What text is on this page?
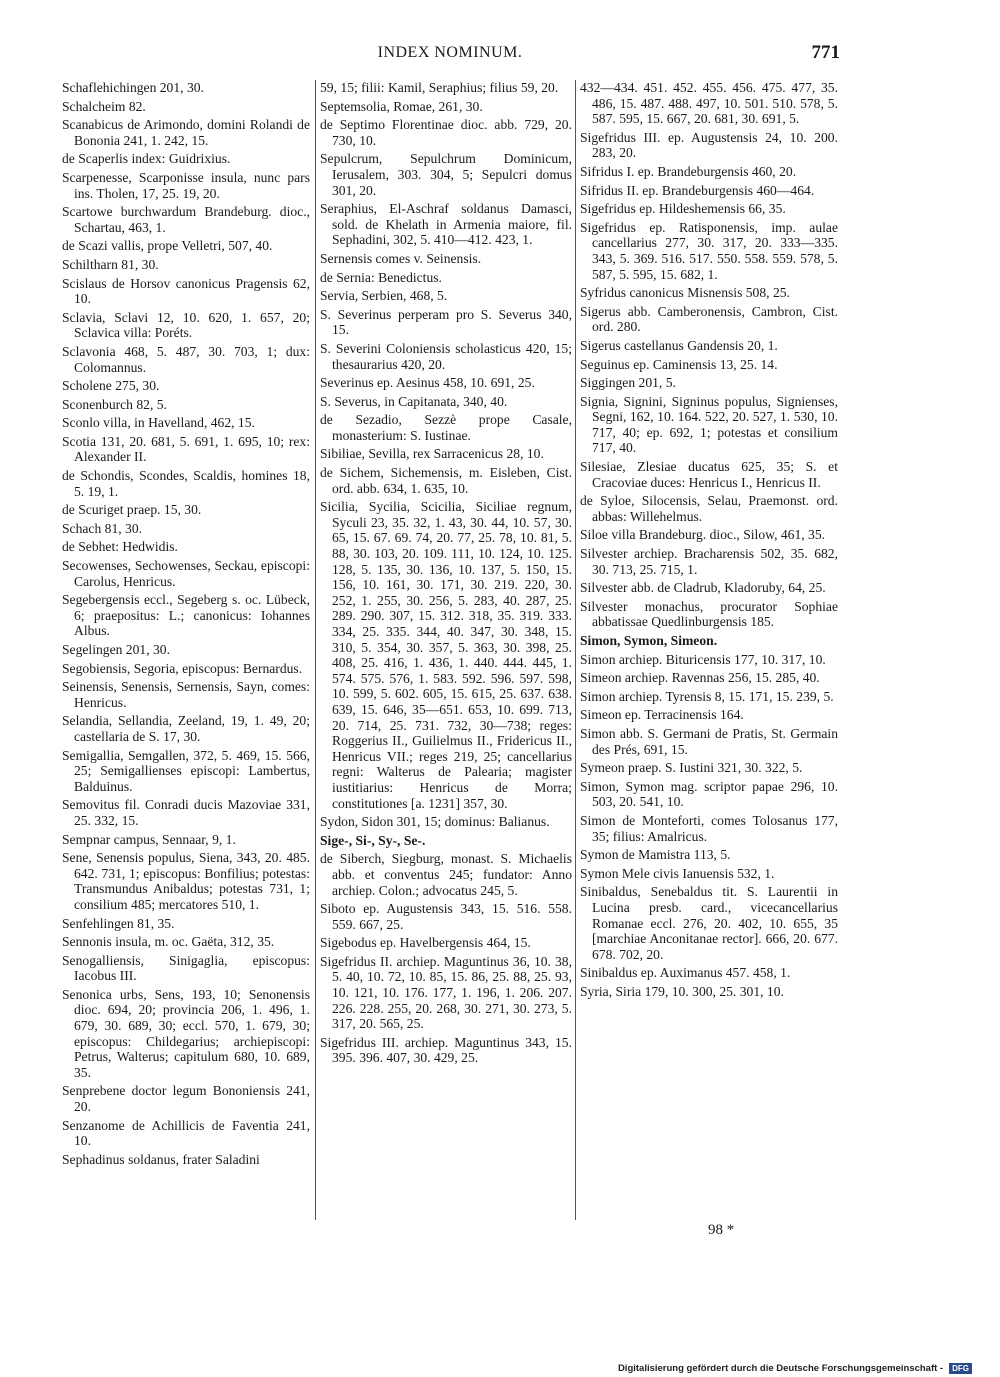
INDEX NOMINUM.	771
Schaflehichingen 201, 30.
Schalcheim 82.
Scanabicus de Arimondo, domini Rolandi de Bononia 241, 1. 242, 15.
de Scaperlis index: Guidrixius.
Scarpenesse, Scarponisse insula, nunc pars ins. Tholen, 17, 25. 19, 20.
Scartowe burchwardum Brandeburg. dioc., Schartau, 463, 1.
de Scazi vallis, prope Velletri, 507, 40.
Schiltharn 81, 30.
Scislaus de Horsov canonicus Pragensis 62, 10.
Sclavia, Sclavi 12, 10. 620, 1. 657, 20; Sclavica villa: Poréts.
Sclavonia 468, 5. 487, 30. 703, 1; dux: Colomannus.
Scholene 275, 30.
Sconenburch 82, 5.
Sconlo villa, in Havelland, 462, 15.
Scotia 131, 20. 681, 5. 691, 1. 695, 10; rex: Alexander II.
de Schondis, Scondes, Scaldis, homines 18, 5. 19, 1.
de Scuriget praep. 15, 30.
Schach 81, 30.
de Sebhet: Hedwidis.
Secowenses, Sechowenses, Seckau, episcopi: Carolus, Henricus.
Segebergensis eccl., Segeberg s. oc. Lübeck, 6; praepositus: L.; canonicus: Iohannes Albus.
Segelingen 201, 30.
Segobiensis, Segoria, episcopus: Bernardus.
Seinensis, Senensis, Sernensis, Sayn, comes: Henricus.
Selandia, Sellandia, Zeeland, 19, 1. 49, 20; castellaria de S. 17, 30.
Semigallia, Semgallen, 372, 5. 469, 15. 566, 25; Semigallienses episcopi: Lambertus, Balduinus.
Semovitus fil. Conradi ducis Mazoviae 331, 25. 332, 15.
Sempnar campus, Sennaar, 9, 1.
Sene, Senensis populus, Siena, 343, 20. 485. 642. 731, 1; episcopus: Bonfilius; potestas: Transmundus Anibaldus; potestas 731, 1; consilium 485; mercatores 510, 1.
Senfehlingen 81, 35.
Sennonis insula, m. oc. Gaëta, 312, 35.
Senogalliensis, Sinigaglia, episcopus: Iacobus III.
Senonica urbs, Sens, 193, 10; Senonensis dioc. 694, 20; provincia 206, 1. 496, 1. 679, 30. 689, 30; eccl. 570, 1. 679, 30; episcopus: Childegarius; archiepiscopi: Petrus, Walterus; capitulum 680, 10. 689, 35.
Senprebene doctor legum Bononiensis 241, 20.
Senzanome de Achillicis de Faventia 241, 10.
Sephadinus soldanus, frater Saladini
59, 15; filii: Kamil, Seraphius; filius 59, 20.
Septemsolia, Romae, 261, 30.
de Septimo Florentinae dioc. abb. 729, 20. 730, 10.
Sepulcrum, Sepulchrum Dominicum, Ierusalem, 303. 304, 5; Sepulcri domus 301, 20.
Seraphius, El-Aschraf soldanus Damasci, sold. de Khelath in Armenia maiore, fil. Sephadini, 302, 5. 410—412. 423, 1.
Sernensis comes v. Seinensis.
de Sernia: Benedictus.
Servia, Serbien, 468, 5.
S. Severinus perperam pro S. Severus 340, 15.
S. Severini Coloniensis scholasticus 420, 15; thesaurarius 420, 20.
Severinus ep. Aesinus 458, 10. 691, 25.
S. Severus, in Capitanata, 340, 40.
de Sezadio, Sezzè prope Casale, monasterium: S. Iustinae.
Sibiliae, Sevilla, rex Sarracenicus 28, 10.
de Sichem, Sichemensis, m. Eisleben, Cist. ord. abb. 634, 1. 635, 10.
Sicilia, Sycilia, Scicilia, Siciliae regnum, Syculi 23, 35. 32, 1. 43, 30. 44, 10. 57, 30. 65, 15. 67. 69. 74, 20. 77, 25. 78, 10. 81, 5. 88, 30. 103, 20. 109. 111, 10. 124, 10. 125. 128, 5. 135, 30. 136, 10. 137, 5. 150, 15. 156, 10. 161, 30. 171, 30. 219. 220, 30. 252, 1. 255, 30. 256, 5. 283, 40. 287, 25. 289. 290. 307, 15. 312. 318, 35. 319. 333. 334, 25. 335. 344, 40. 347, 30. 348, 15. 310, 5. 354, 30. 357, 5. 363, 30. 398, 25. 408, 25. 416, 1. 436, 1. 440. 444. 445, 1. 574. 575. 576, 1. 583. 592. 596. 597. 598, 10. 599, 5. 602. 605, 15. 615, 25. 637. 638. 639, 15. 646, 35—651. 653, 10. 699. 713, 20. 714, 25. 731. 732, 30—738; reges: Roggerius II., Guilielmus II., Fridericus II., Henricus VII.; reges 219, 25; cancellarius regni: Walterus de Palearia; magister iustitiarius: Henricus de Morra; constitutiones [a. 1231] 357, 30.
Sydon, Sidon 301, 15; dominus: Balianus.
Sige-, Si-, Sy-, Se-.
de Siberch, Siegburg, monast. S. Michaelis abb. et conventus 245; fundator: Anno archiep. Colon.; advocatus 245, 5.
Siboto ep. Augustensis 343, 15. 516. 558. 559. 667, 25.
Sigebodus ep. Havelbergensis 464, 15.
Sigefridus II. archiep. Maguntinus 36, 10. 38, 5. 40, 10. 72, 10. 85, 15. 86, 25. 88, 25. 93, 10. 121, 10. 176. 177, 1. 196, 1. 206. 207. 226. 228. 255, 20. 268, 30. 271, 30. 273, 5. 317, 20. 565, 25.
Sigefridus III. archiep. Maguntinus 343, 15. 395. 396. 407, 30. 429, 25.
432—434. 451. 452. 455. 456. 475. 477, 35. 486, 15. 487. 488. 497, 10. 501. 510. 578, 5. 587. 595, 15. 667, 20. 681, 30. 691, 5.
Sigefridus III. ep. Augustensis 24, 10. 200. 283, 20.
Sifridus I. ep. Brandeburgensis 460, 20.
Sifridus II. ep. Brandeburgensis 460—464.
Sigefridus ep. Hildeshemensis 66, 35.
Sigefridus ep. Ratisponensis, imp. aulae cancellarius 277, 30. 317, 20. 333—335. 343, 5. 369. 516. 517. 550. 558. 559. 578, 5. 587, 5. 595, 15. 682, 1.
Syfridus canonicus Misnensis 508, 25.
Sigerus abb. Camberonensis, Cambron, Cist. ord. 280.
Sigerus castellanus Gandensis 20, 1.
Seguinus ep. Caminensis 13, 25. 14.
Siggingen 201, 5.
Signia, Signini, Signinus populus, Signienses, Segni, 162, 10. 164. 522, 20. 527, 1. 530, 10. 717, 40; ep. 692, 1; potestas et consilium 717, 40.
Silesiae, Zlesiae ducatus 625, 35; S. et Cracoviae duces: Henricus I., Henricus II.
de Syloe, Silocensis, Selau, Praemonst. ord. abbas: Willehelmus.
Siloe villa Brandeburg. dioc., Silow, 461, 35.
Silvester archiep. Bracharensis 502, 35. 682, 30. 713, 25. 715, 1.
Silvester abb. de Cladrub, Kladoruby, 64, 25.
Silvester monachus, procurator Sophiae abbatissae Quedlinburgensis 185.
Simon, Symon, Simeon.
Simon archiep. Bituricensis 177, 10. 317, 10.
Simeon archiep. Ravennas 256, 15. 285, 40.
Simon archiep. Tyrensis 8, 15. 171, 15. 239, 5.
Simeon ep. Terracinensis 164.
Simon abb. S. Germani de Pratis, St. Germain des Prés, 691, 15.
Symeon praep. S. Iustini 321, 30. 322, 5.
Simon, Symon mag. scriptor papae 296, 10. 503, 20. 541, 10.
Simon de Monteforti, comes Tolosanus 177, 35; filius: Amalricus.
Symon de Mamistra 113, 5.
Symon Mele civis Ianuensis 532, 1.
Sinibaldus, Senebaldus tit. S. Laurentii in Lucina presb. card., vicecancellarius Romanae eccl. 276, 20. 402, 10. 655, 35 [marchiae Anconitanae rector]. 666, 20. 677. 678. 702, 20.
Sinibaldus ep. Auximanus 457. 458, 1.
Syria, Siria 179, 10. 300, 25. 301, 10.
98 *
Digitalisierung gefördert durch die Deutsche Forschungsgemeinschaft -	DFG
